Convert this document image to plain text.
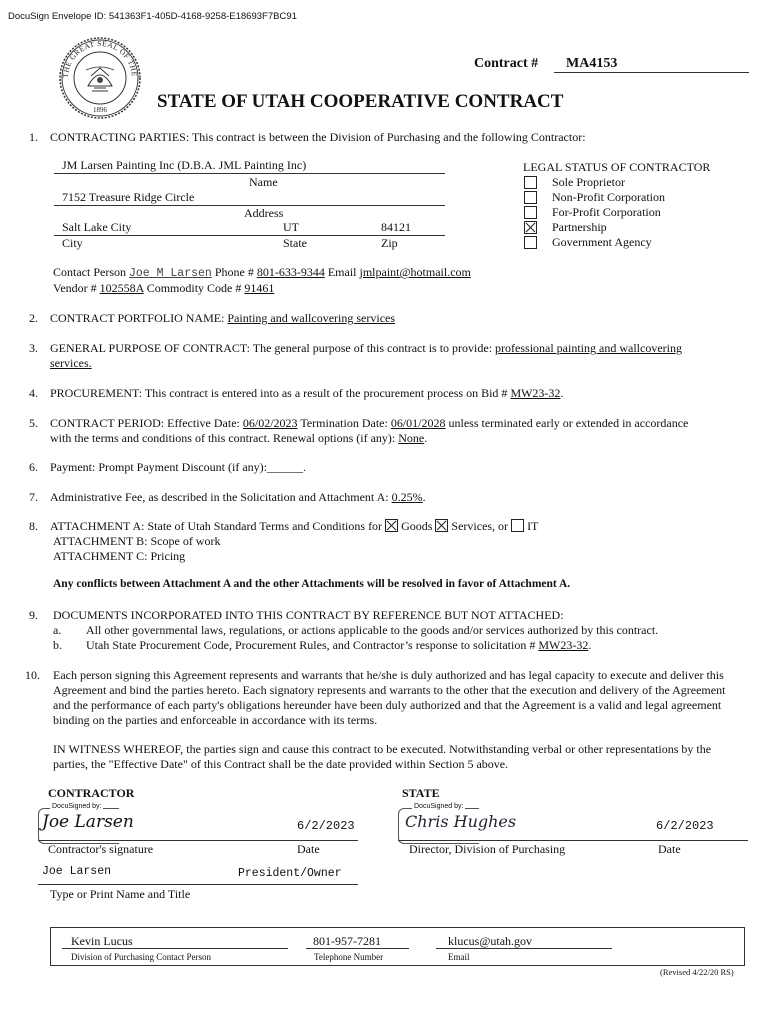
DocuSign Envelope ID: 541363F1-405D-4168-9258-E18693F7BC91
THE GREAT SEAL OF THE
1896
Contract # MA4153
STATE OF UTAH COOPERATIVE CONTRACT
1. CONTRACTING PARTIES: This contract is between the Division of Purchasing and the following Contractor:
JM Larsen Painting Inc (D.B.A. JML Painting Inc)
Name
7152 Treasure Ridge Circle
Address
Salt Lake City	UT	84121
City	State	Zip
LEGAL STATUS OF CONTRACTOR
Sole Proprietor
Non-Profit Corporation
For-Profit Corporation
Partnership
Government Agency
Contact Person Joe M Larsen Phone # 801-633-9344 Email jmlpaint@hotmail.com
Vendor # 102558A Commodity Code # 91461
2. CONTRACT PORTFOLIO NAME: Painting and wallcovering services
3. GENERAL PURPOSE OF CONTRACT: The general purpose of this contract is to provide: professional painting and wallcovering
services.
4. PROCUREMENT: This contract is entered into as a result of the procurement process on Bid # MW23-32.
5. CONTRACT PERIOD: Effective Date: 06/02/2023 Termination Date: 06/01/2028 unless terminated early or extended in accordance
with the terms and conditions of this contract. Renewal options (if any): None.
6. Payment: Prompt Payment Discount (if any):______.
7. Administrative Fee, as described in the Solicitation and Attachment A: 0.25%.
8. ATTACHMENT A: State of Utah Standard Terms and Conditions for Goods Services, or IT
ATTACHMENT B: Scope of work
ATTACHMENT C: Pricing
Any conflicts between Attachment A and the other Attachments will be resolved in favor of Attachment A.
9. DOCUMENTS INCORPORATED INTO THIS CONTRACT BY REFERENCE BUT NOT ATTACHED:
a. All other governmental laws, regulations, or actions applicable to the goods and/or services authorized by this contract.
b. Utah State Procurement Code, Procurement Rules, and Contractor’s response to solicitation # MW23-32.
10. Each person signing this Agreement represents and warrants that he/she is duly authorized and has legal capacity to execute and deliver this Agreement and bind the parties hereto. Each signatory represents and warrants to the other that the execution and delivery of the Agreement and the performance of each party's obligations hereunder have been duly authorized and that the Agreement is a valid and legal agreement binding on the parties and enforceable in accordance with its terms.
IN WITNESS WHEREOF, the parties sign and cause this contract to be executed. Notwithstanding verbal or other representations by the parties, the "Effective Date" of this Contract shall be the date provided within Section 5 above.
CONTRACTOR	STATE
DocuSigned by:
Joe Larsen	6/2/2023
Contractor's signature	Date
DocuSigned by:
Chris Hughes	6/2/2023
Director, Division of Purchasing	Date
Joe Larsen	President/Owner
Type or Print Name and Title
Kevin Lucus
Division of Purchasing Contact Person
801-957-7281
Telephone Number
klucus@utah.gov
Email
(Revised 4/22/20 RS)
